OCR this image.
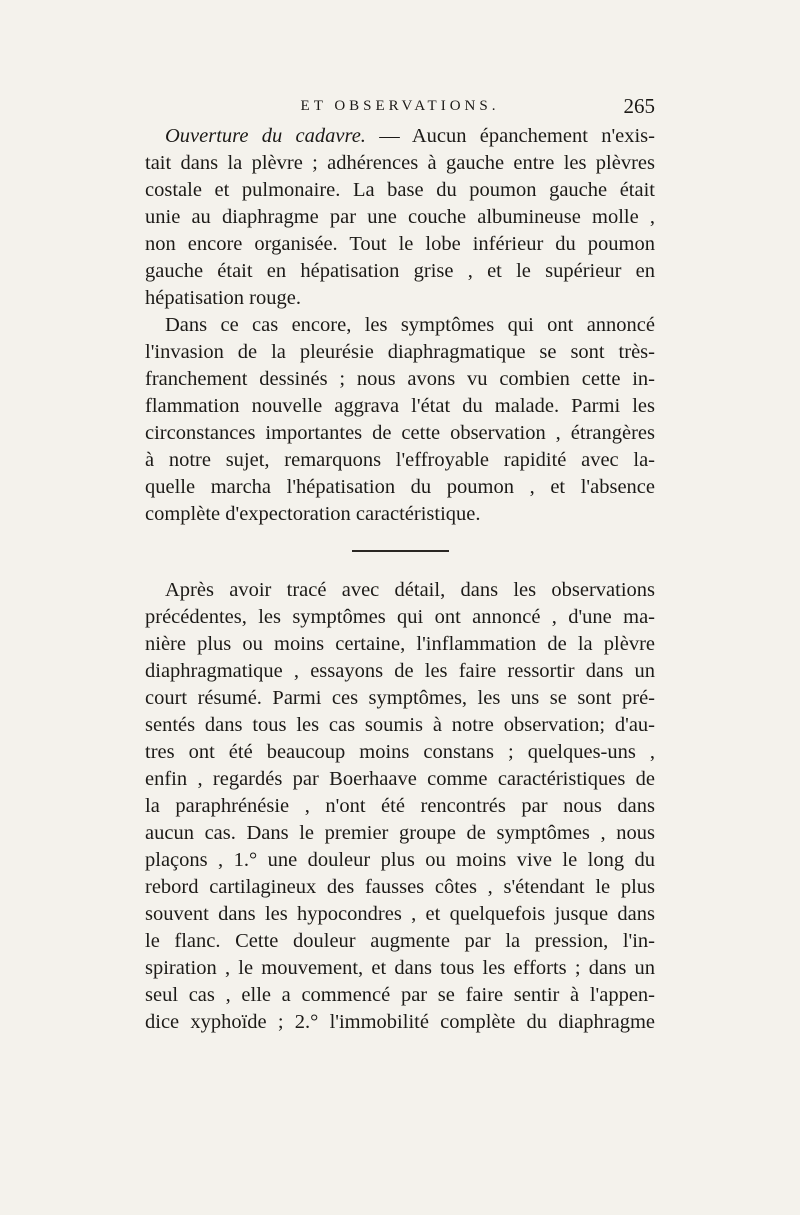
ET OBSERVATIONS.	265
Ouverture du cadavre. — Aucun épanchement n'exis-
tait dans la plèvre ; adhérences à gauche entre les plèvres
costale et pulmonaire. La base du poumon gauche était
unie au diaphragme par une couche albumineuse molle ,
non encore organisée. Tout le lobe inférieur du poumon
gauche était en hépatisation grise , et le supérieur en
hépatisation rouge.
Dans ce cas encore, les symptômes qui ont annoncé
l'invasion de la pleurésie diaphragmatique se sont très-
franchement dessinés ; nous avons vu combien cette in-
flammation nouvelle aggrava l'état du malade. Parmi les
circonstances importantes de cette observation , étrangères
à notre sujet, remarquons l'effroyable rapidité avec la-
quelle marcha l'hépatisation du poumon , et l'absence
complète d'expectoration caractéristique.
Après avoir tracé avec détail, dans les observations
précédentes, les symptômes qui ont annoncé , d'une ma-
nière plus ou moins certaine, l'inflammation de la plèvre
diaphragmatique , essayons de les faire ressortir dans un
court résumé. Parmi ces symptômes, les uns se sont pré-
sentés dans tous les cas soumis à notre observation; d'au-
tres ont été beaucoup moins constans ; quelques-uns ,
enfin , regardés par Boerhaave comme caractéristiques de
la paraphrénésie , n'ont été rencontrés par nous dans
aucun cas. Dans le premier groupe de symptômes , nous
plaçons , 1.° une douleur plus ou moins vive le long du
rebord cartilagineux des fausses côtes , s'étendant le plus
souvent dans les hypocondres , et quelquefois jusque dans
le flanc. Cette douleur augmente par la pression, l'in-
spiration , le mouvement, et dans tous les efforts ; dans un
seul cas , elle a commencé par se faire sentir à l'appen-
dice xyphoïde ; 2.° l'immobilité complète du diaphragme
